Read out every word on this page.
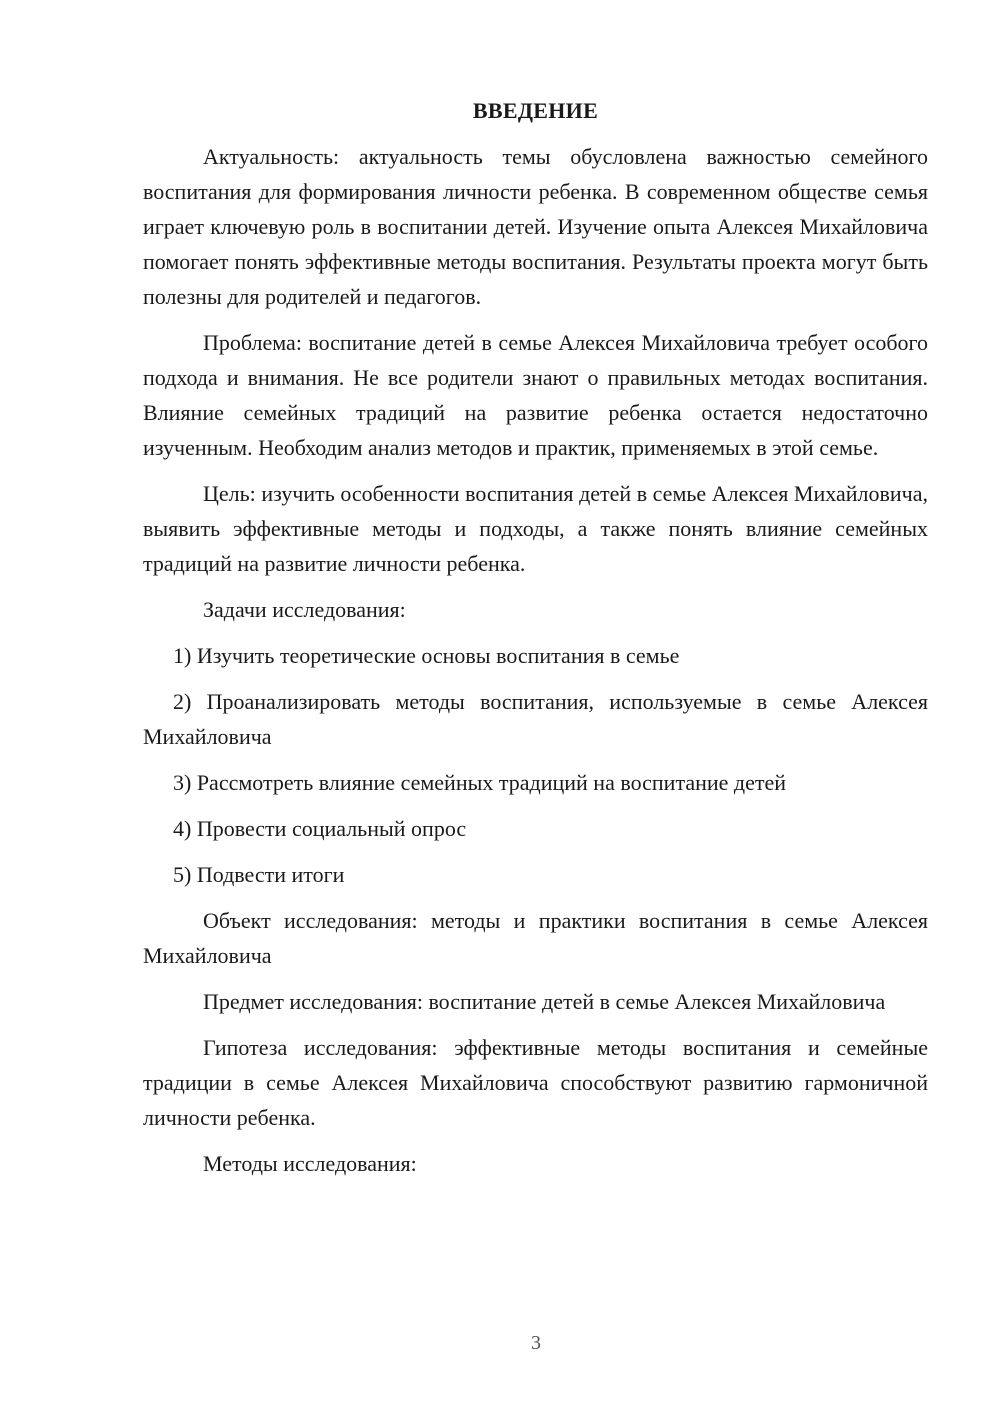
ВВЕДЕНИЕ

Актуальность: актуальность темы обусловлена важностью семейного воспитания для формирования личности ребенка. В современном обществе семья играет ключевую роль в воспитании детей. Изучение опыта Алексея Михайловича помогает понять эффективные методы воспитания. Результаты проекта могут быть полезны для родителей и педагогов.

Проблема: воспитание детей в семье Алексея Михайловича требует особого подхода и внимания. Не все родители знают о правильных методах воспитания. Влияние семейных традиций на развитие ребенка остается недостаточно изученным. Необходим анализ методов и практик, применяемых в этой семье.

Цель: изучить особенности воспитания детей в семье Алексея Михайловича, выявить эффективные методы и подходы, а также понять влияние семейных традиций на развитие личности ребенка.

Задачи исследования:

1) Изучить теоретические основы воспитания в семье

2) Проанализировать методы воспитания, используемые в семье Алексея Михайловича

3) Рассмотреть влияние семейных традиций на воспитание детей

4) Провести социальный опрос

5) Подвести итоги

Объект исследования: методы и практики воспитания в семье Алексея Михайловича

Предмет исследования: воспитание детей в семье Алексея Михайловича

Гипотеза исследования: эффективные методы воспитания и семейные традиции в семье Алексея Михайловича способствуют развитию гармоничной личности ребенка.

Методы исследования:

3
